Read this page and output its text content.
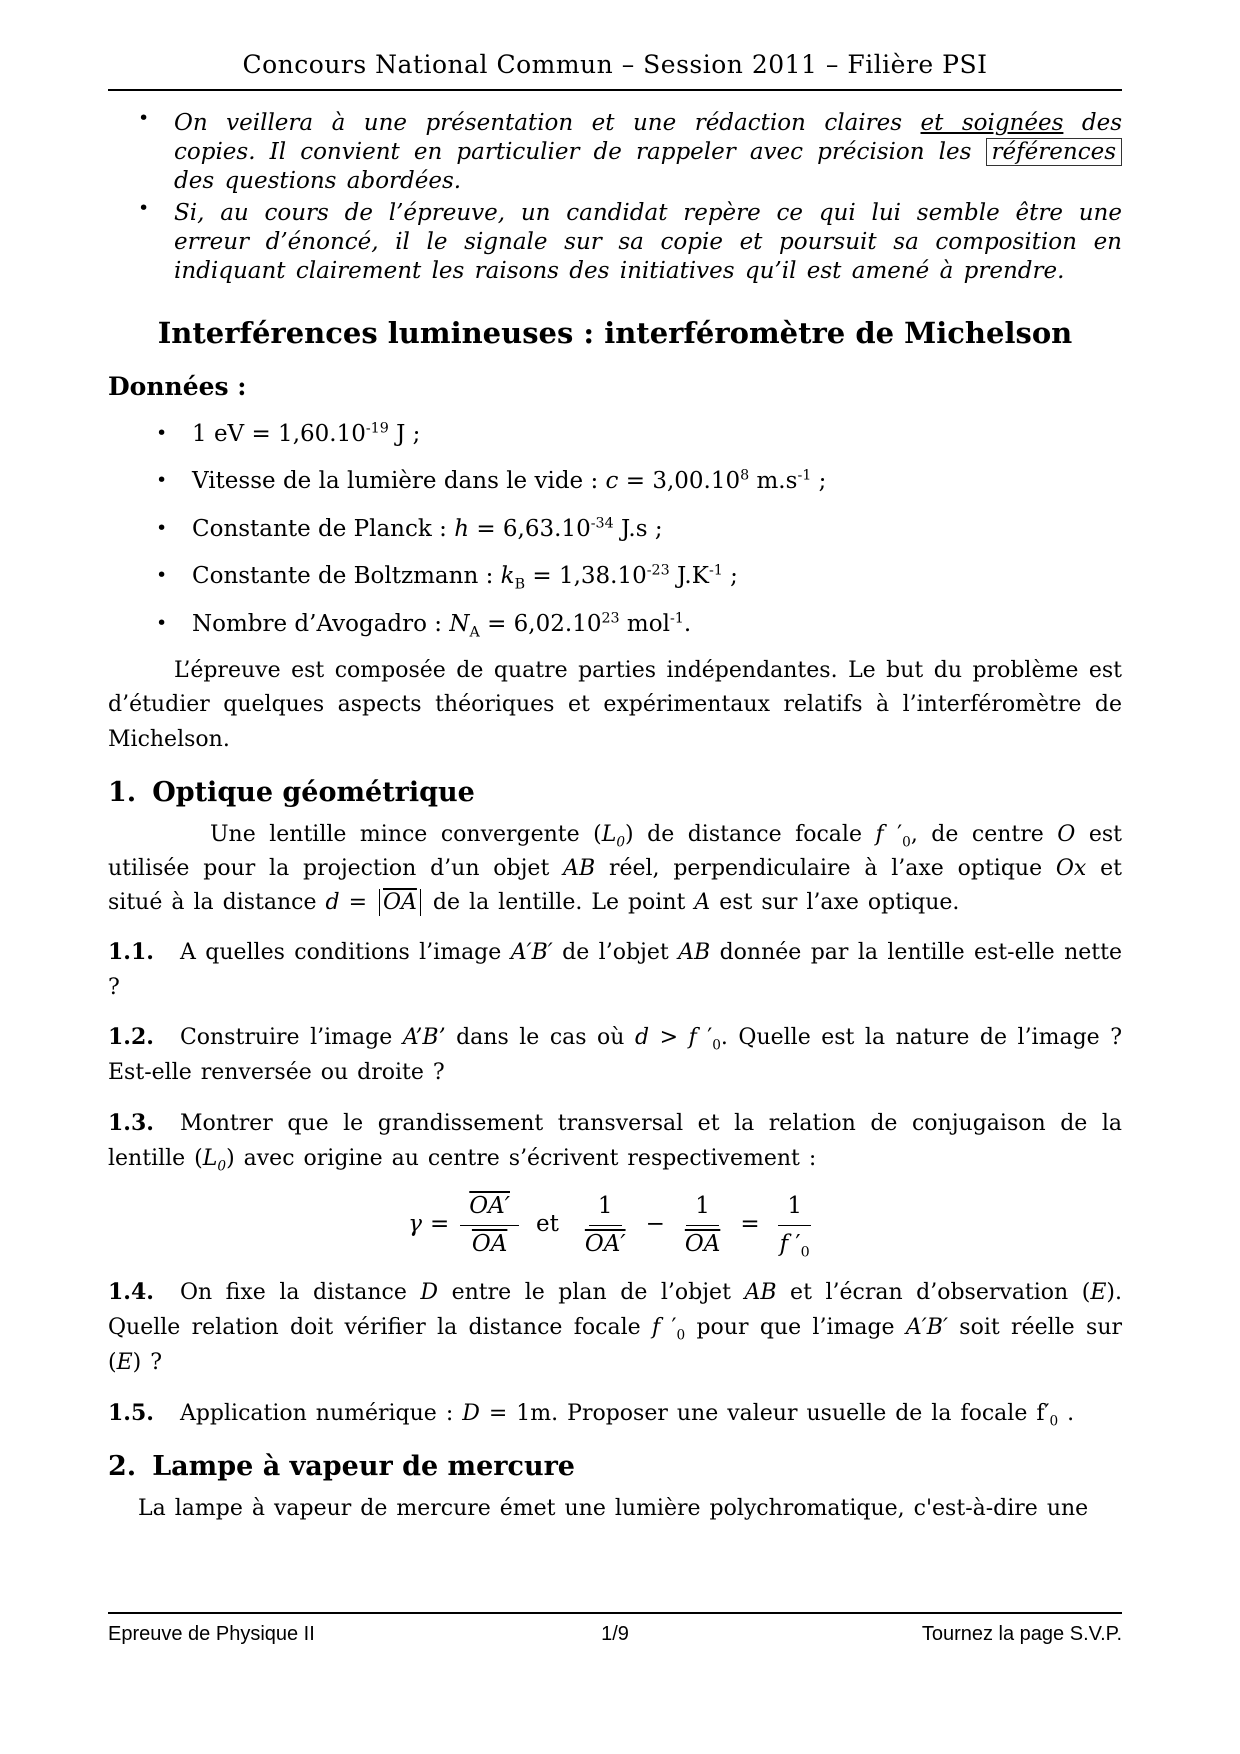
Concours National Commun – Session 2011 – Filière PSI
• On veillera à une présentation et une rédaction claires et soignées des copies. Il convient en particulier de rappeler avec précision les références des questions abordées.
• Si, au cours de l’épreuve, un candidat repère ce qui lui semble être une erreur d’énoncé, il le signale sur sa copie et poursuit sa composition en indiquant clairement les raisons des initiatives qu’il est amené à prendre.
Interférences lumineuses : interféromètre de Michelson
Données :
• 1 eV = $1,60.10^{-19}$ J ;
• Vitesse de la lumière dans le vide : $c = 3,00.10^8$ $m.s^{-1}$ ;
• Constante de Planck : $h = 6,63.10^{-34}$ J.s ;
• Constante de Boltzmann : $k_B = 1,38.10^{-23}$ $J.K^{-1}$ ;
• Nombre d’Avogadro : $N_A = 6,02.10^{23}$ mol$^{-1}$.

L’épreuve est composée de quatre parties indépendantes. Le but du problème est d’étudier quelques aspects théoriques et expérimentaux relatifs à l’interféromètre de Michelson.

1. Optique géométrique

Une lentille mince convergente $(L_0)$ de distance focale f $'_0$, de centre O est utilisée pour la projection d’un objet AB réel, perpendiculaire à l’axe optique Ox et situé à la distance $d = \overline{OA}$ de la lentille. Le point A est sur l’axe optique.

1.1. A quelles conditions l’image A′B′ de l’objet AB donnée par la lentille est-elle nette ?

1.2. Construire l’image A’B’ dans le cas où d > f $'_0$. Quelle est la nature de l’image ? Est-elle renversée ou droite ?

1.3. Montrer que le grandissement transversal et la relation de conjugaison de la lentille $(L_0)$ avec origine au centre s’écrivent respectivement :

$\gamma = \frac{OA'}{OA}$ et $\frac{1}{OA'} - \frac{1}{OA} = \frac{1}{f '_0}$

1.4. On fixe la distance D entre le plan de l’objet AB et l’écran d’observation (E). Quelle relation doit vérifier la distance focale f $'_0$ pour que l’image A′B′ soit réelle sur (E) ?

1.5. Application numérique : D = 1m. Proposer une valeur usuelle de la focale $f'_0$ .

2. Lampe à vapeur de mercure

La lampe à vapeur de mercure émet une lumière polychromatique, c'est-à-dire une

Epreuve de Physique II	1/9	Tournez la page S.V.P.
